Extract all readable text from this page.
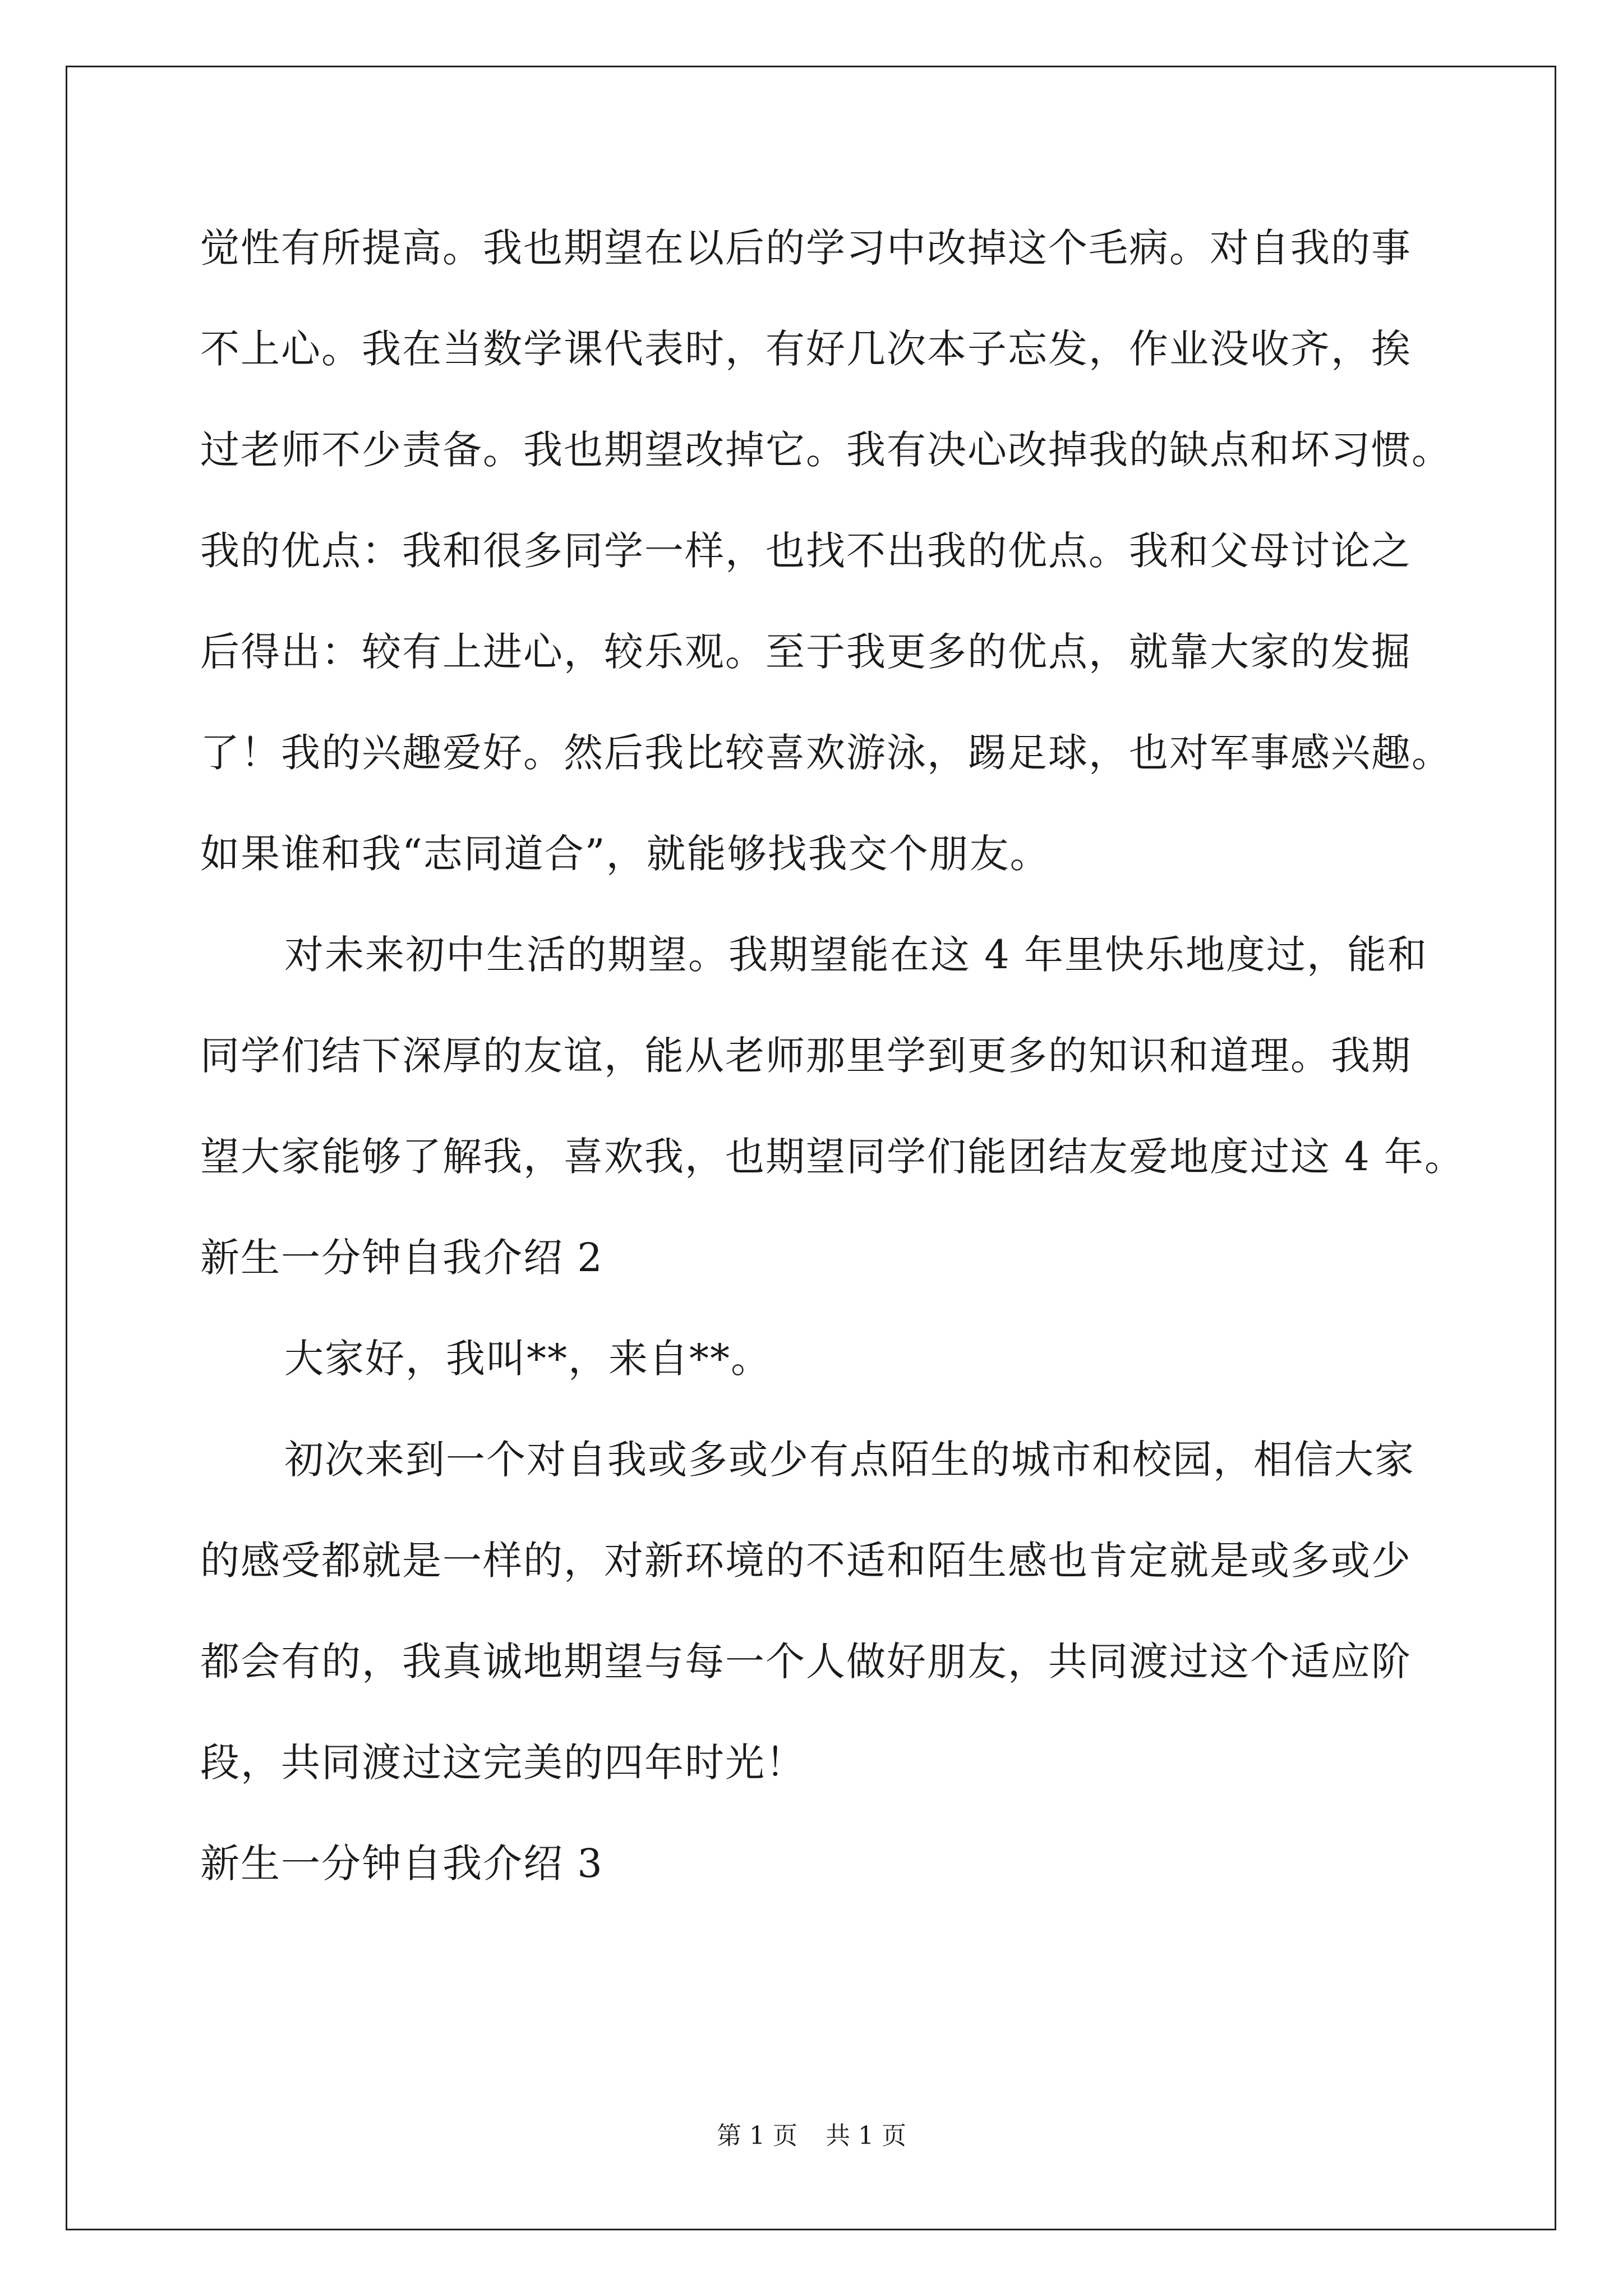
觉性有所提高。我也期望在以后的学习中改掉这个毛病。对自我的事
不上心。我在当数学课代表时，有好几次本子忘发，作业没收齐，挨
过老师不少责备。我也期望改掉它。我有决心改掉我的缺点和坏习惯。
我的优点：我和很多同学一样，也找不出我的优点。我和父母讨论之
后得出：较有上进心，较乐观。至于我更多的优点，就靠大家的发掘
了！我的兴趣爱好。然后我比较喜欢游泳，踢足球，也对军事感兴趣。
如果谁和我“志同道合”，就能够找我交个朋友。
对未来初中生活的期望。我期望能在这 4 年里快乐地度过，能和
同学们结下深厚的友谊，能从老师那里学到更多的知识和道理。我期
望大家能够了解我，喜欢我，也期望同学们能团结友爱地度过这 4 年。
新生一分钟自我介绍 2
大家好，我叫**，来自**。
初次来到一个对自我或多或少有点陌生的城市和校园，相信大家
的感受都就是一样的，对新环境的不适和陌生感也肯定就是或多或少
都会有的，我真诚地期望与每一个人做好朋友，共同渡过这个适应阶
段，共同渡过这完美的四年时光！
新生一分钟自我介绍 3
第 1 页 共 1 页
